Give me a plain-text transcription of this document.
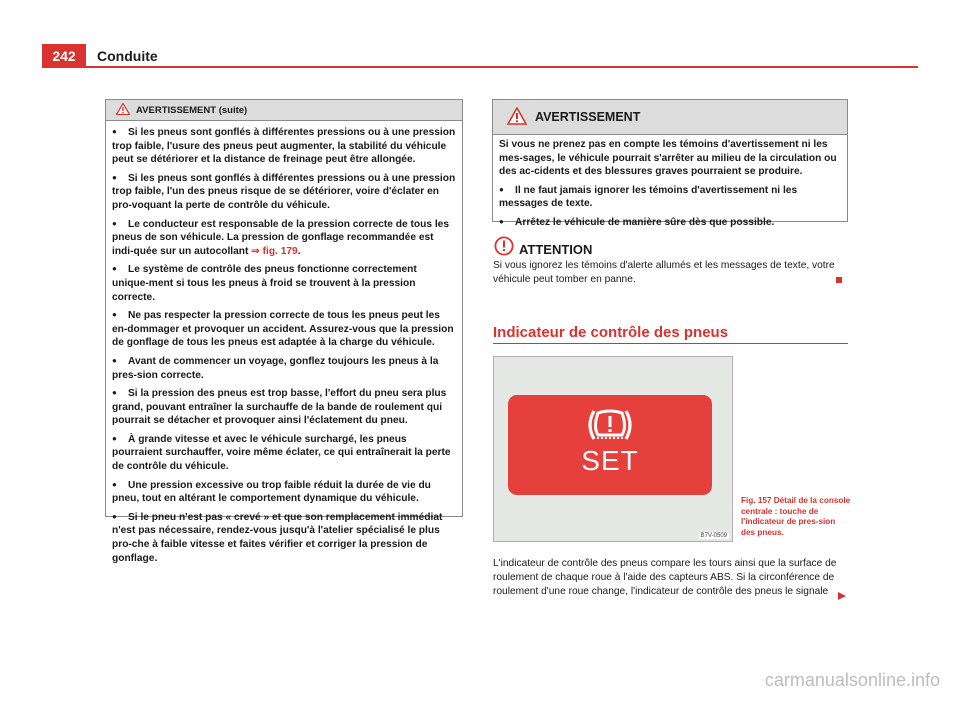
242	Conduite
AVERTISSEMENT (suite)

● Si les pneus sont gonflés à différentes pressions ou à une pression trop faible, l'usure des pneus peut augmenter, la stabilité du véhicule peut se détériorer et la distance de freinage peut être allongée.

● Si les pneus sont gonflés à différentes pressions ou à une pression trop faible, l'un des pneus risque de se détériorer, voire d'éclater en pro-voquant la perte de contrôle du véhicule.

● Le conducteur est responsable de la pression correcte de tous les pneus de son véhicule. La pression de gonflage recommandée est indi-quée sur un autocollant ⇒ fig. 179.

● Le système de contrôle des pneus fonctionne correctement unique-ment si tous les pneus à froid se trouvent à la pression correcte.

● Ne pas respecter la pression correcte de tous les pneus peut les en-dommager et provoquer un accident. Assurez-vous que la pression de gonflage de tous les pneus est adaptée à la charge du véhicule.

● Avant de commencer un voyage, gonflez toujours les pneus à la pres-sion correcte.

● Si la pression des pneus est trop basse, l'effort du pneu sera plus grand, pouvant entraîner la surchauffe de la bande de roulement qui pourrait se détacher et provoquer ainsi l'éclatement du pneu.

● À grande vitesse et avec le véhicule surchargé, les pneus pourraient surchauffer, voire même éclater, ce qui entraînerait la perte de contrôle du véhicule.

● Une pression excessive ou trop faible réduit la durée de vie du pneu, tout en altérant le comportement dynamique du véhicule.

● Si le pneu n'est pas « crevé » et que son remplacement immédiat n'est pas nécessaire, rendez-vous jusqu'à l'atelier spécialisé le plus pro-che à faible vitesse et faites vérifier et corriger la pression de gonflage.

AVERTISSEMENT

Si vous ne prenez pas en compte les témoins d'avertissement ni les mes-sages, le véhicule pourrait s'arrêter au milieu de la circulation ou des ac-cidents et des blessures graves pourraient se produire.

● Il ne faut jamais ignorer les témoins d'avertissement ni les messages de texte.

● Arrêtez le véhicule de manière sûre dès que possible.

ATTENTION
Si vous ignorez les témoins d'alerte allumés et les messages de texte, votre véhicule peut tomber en panne.
Indicateur de contrôle des pneus
SET
B7V-0509
Fig. 157 Détail de la console centrale : touche de l'indicateur de pres-sion des pneus.
L'indicateur de contrôle des pneus compare les tours ainsi que la surface de roulement de chaque roue à l'aide des capteurs ABS. Si la circonférence de roulement d'une roue change, l'indicateur de contrôle des pneus le signale
carmanualsonline.info
